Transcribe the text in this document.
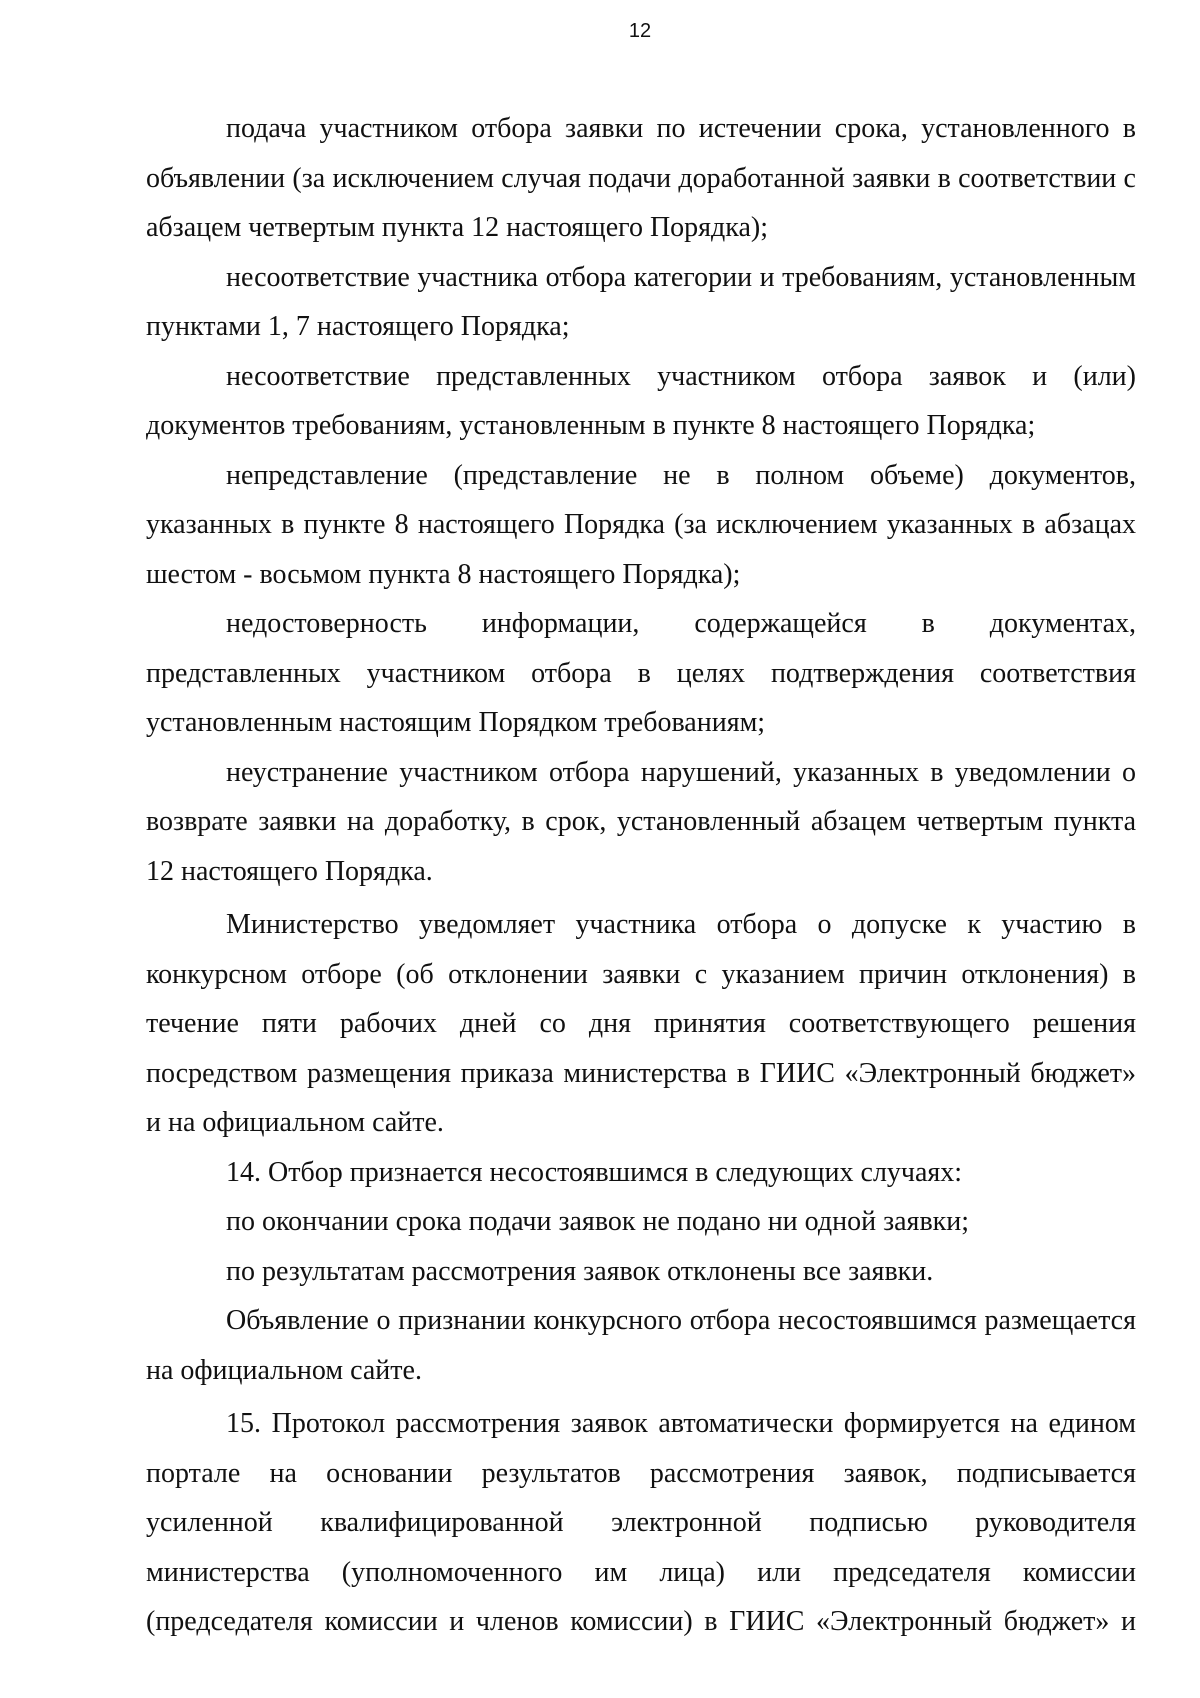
12

подача участником отбора заявки по истечении срока, установленного в объявлении (за исключением случая подачи доработанной заявки в соответствии с абзацем четвертым пункта 12 настоящего Порядка);

несоответствие участника отбора категории и требованиям, установленным пунктами 1, 7 настоящего Порядка;

несоответствие представленных участником отбора заявок и (или) документов требованиям, установленным в пункте 8 настоящего Порядка;

непредставление (представление не в полном объеме) документов, указанных в пункте 8 настоящего Порядка (за исключением указанных в абзацах шестом - восьмом пункта 8 настоящего Порядка);

недостоверность информации, содержащейся в документах, представленных участником отбора в целях подтверждения соответствия установленным настоящим Порядком требованиям;

неустранение участником отбора нарушений, указанных в уведомлении о возврате заявки на доработку, в срок, установленный абзацем четвертым пункта 12 настоящего Порядка.

Министерство уведомляет участника отбора о допуске к участию в конкурсном отборе (об отклонении заявки с указанием причин отклонения) в течение пяти рабочих дней со дня принятия соответствующего решения посредством размещения приказа министерства в ГИИС «Электронный бюджет» и на официальном сайте.

14. Отбор признается несостоявшимся в следующих случаях:

по окончании срока подачи заявок не подано ни одной заявки;

по результатам рассмотрения заявок отклонены все заявки.

Объявление о признании конкурсного отбора несостоявшимся размещается на официальном сайте.

15. Протокол рассмотрения заявок автоматически формируется на едином портале на основании результатов рассмотрения заявок, подписывается усиленной квалифицированной электронной подписью руководителя министерства (уполномоченного им лица) или председателя комиссии (председателя комиссии и членов комиссии) в ГИИС «Электронный бюджет» и
